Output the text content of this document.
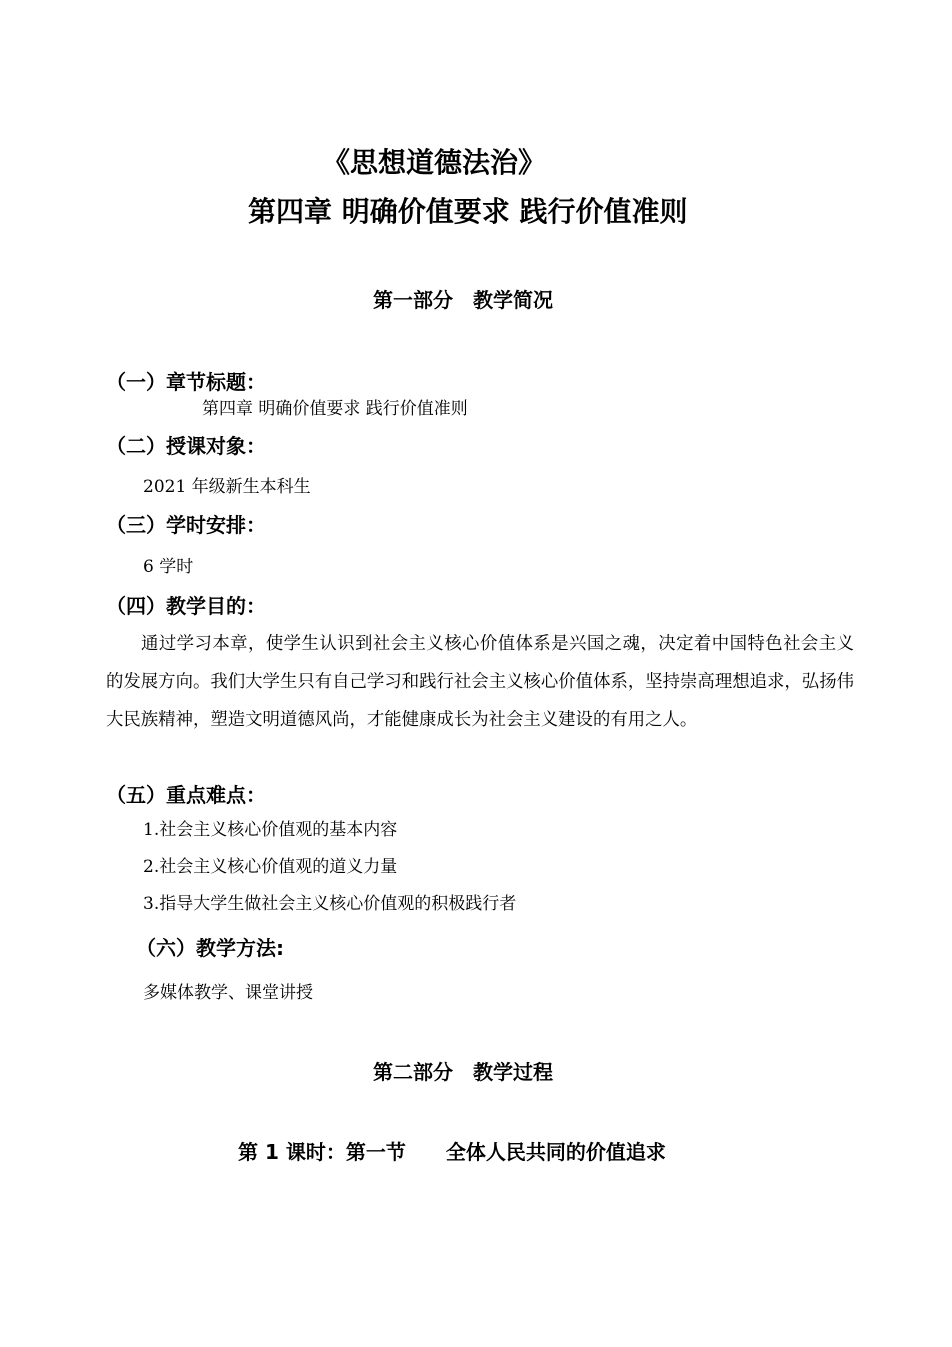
《思想道德法治》
第四章 明确价值要求 践行价值准则
第一部分　教学简况
（一）章节标题：
第四章 明确价值要求 践行价值准则
（二）授课对象：
2021 年级新生本科生
（三）学时安排：
6 学时
（四）教学目的：
通过学习本章，使学生认识到社会主义核心价值体系是兴国之魂，决定着中国特色社会主义的发展方向。我们大学生只有自己学习和践行社会主义核心价值体系，坚持崇高理想追求，弘扬伟大民族精神，塑造文明道德风尚，才能健康成长为社会主义建设的有用之人。
（五）重点难点：
1.社会主义核心价值观的基本内容
2.社会主义核心价值观的道义力量
3.指导大学生做社会主义核心价值观的积极践行者
（六）教学方法:
多媒体教学、课堂讲授
第二部分　教学过程
第 1 课时：第一节　　全体人民共同的价值追求
